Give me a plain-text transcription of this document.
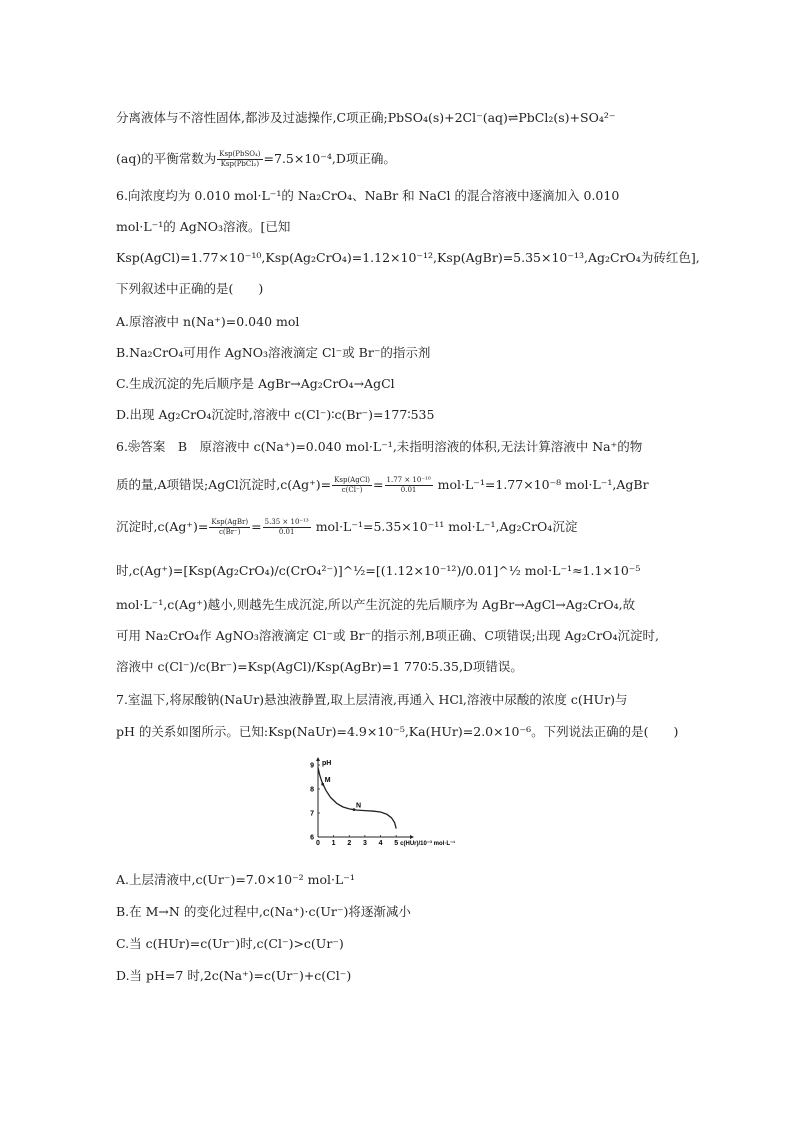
分离液体与不溶性固体,都涉及过滤操作,C项正确;PbSO₄(s)+2Cl⁻(aq)⇌PbCl₂(s)+SO₄²⁻
(aq)的平衡常数为 $\frac{\text{Ksp(PbSO₄)}}{\text{Ksp(PbCl₂)}} =7.5\times 10^{-4},D$项正确。
6.向浓度均为 0.010 mol·L⁻¹的 Na₂CrO₄、NaBr 和 NaCl 的混合溶液中逐滴加入 0.010
mol·L⁻¹的 AgNO₃溶液。[已知
Ksp(AgCl)=1.77×10⁻¹⁰,Ksp(Ag₂CrO₄)=1.12×10⁻¹²,Ksp(AgBr)=5.35×10⁻¹³,Ag₂CrO₄为砖红色],
下列叙述中正确的是(　　)
A.原溶液中 n(Na⁺)=0.040 mol
B.Na₂CrO₄可用作 AgNO₃溶液滴定 Cl⁻或 Br⁻的指示剂
C.生成沉淀的先后顺序是 AgBr→Ag₂CrO₄→AgCl
D.出现 Ag₂CrO₄沉淀时,溶液中 c(Cl⁻)∶c(Br⁻)=177∶535
6.❀答案　B　原溶液中 c(Na⁺)=0.040 mol·L⁻¹,未指明溶液的体积,无法计算溶液中 Na⁺的物
质的量,A项错误;AgCl沉淀时$,c(Ag^+)= \frac{\text{Ksp(AgCl)}}{c(Cl^-)} = \frac{\text{1.77 × 10⁻¹⁰}}{0.01} mol\cdot L^{-1}=1.77\times 10^{-8}$ mol·L⁻¹,AgBr
沉淀时$,c(Ag^+)= \frac{\text{Ksp(AgBr)}}{c(Br^-)} = \frac{\text{5.35 × 10⁻¹³}}{0.01} mol\cdot L^{-1}=5.35\times 10^{-11}$ mol·L⁻¹,Ag₂CrO₄沉淀
时,c(Ag⁺)=[Ksp(Ag₂CrO₄)/c(CrO₄²⁻)]^½=[(1.12×10⁻¹²)/0.01]^½ mol·L⁻¹≈1.1×10⁻⁵
mol·L⁻¹,c(Ag⁺)越小,则越先生成沉淀,所以产生沉淀的先后顺序为 AgBr→AgCl→Ag₂CrO₄,故
可用 Na₂CrO₄作 AgNO₃溶液滴定 Cl⁻或 Br⁻的指示剂,B项正确、C项错误;出现 Ag₂CrO₄沉淀时,
溶液中 c(Cl⁻)/c(Br⁻)=Ksp(AgCl)/Ksp(AgBr)=1 770∶5.35,D项错误。
7.室温下,将尿酸钠(NaUr)悬浊液静置,取上层清液,再通入 HCl,溶液中尿酸的浓度 c(HUr)与
pH 的关系如图所示。已知:Ksp(NaUr)=4.9×10⁻⁵,Ka(HUr)=2.0×10⁻⁶。下列说法正确的是(　　)
0 1 2 3 4 5
6
7
8
9
M
N
pH
c(HUr)/10⁻³ mol·L⁻¹
A.上层清液中,c(Ur⁻)=7.0×10⁻² mol·L⁻¹
B.在 M→N 的变化过程中,c(Na⁺)·c(Ur⁻)将逐渐减小
C.当 c(HUr)=c(Ur⁻)时,c(Cl⁻)>c(Ur⁻)
D.当 pH=7 时,2c(Na⁺)=c(Ur⁻)+c(Cl⁻)
